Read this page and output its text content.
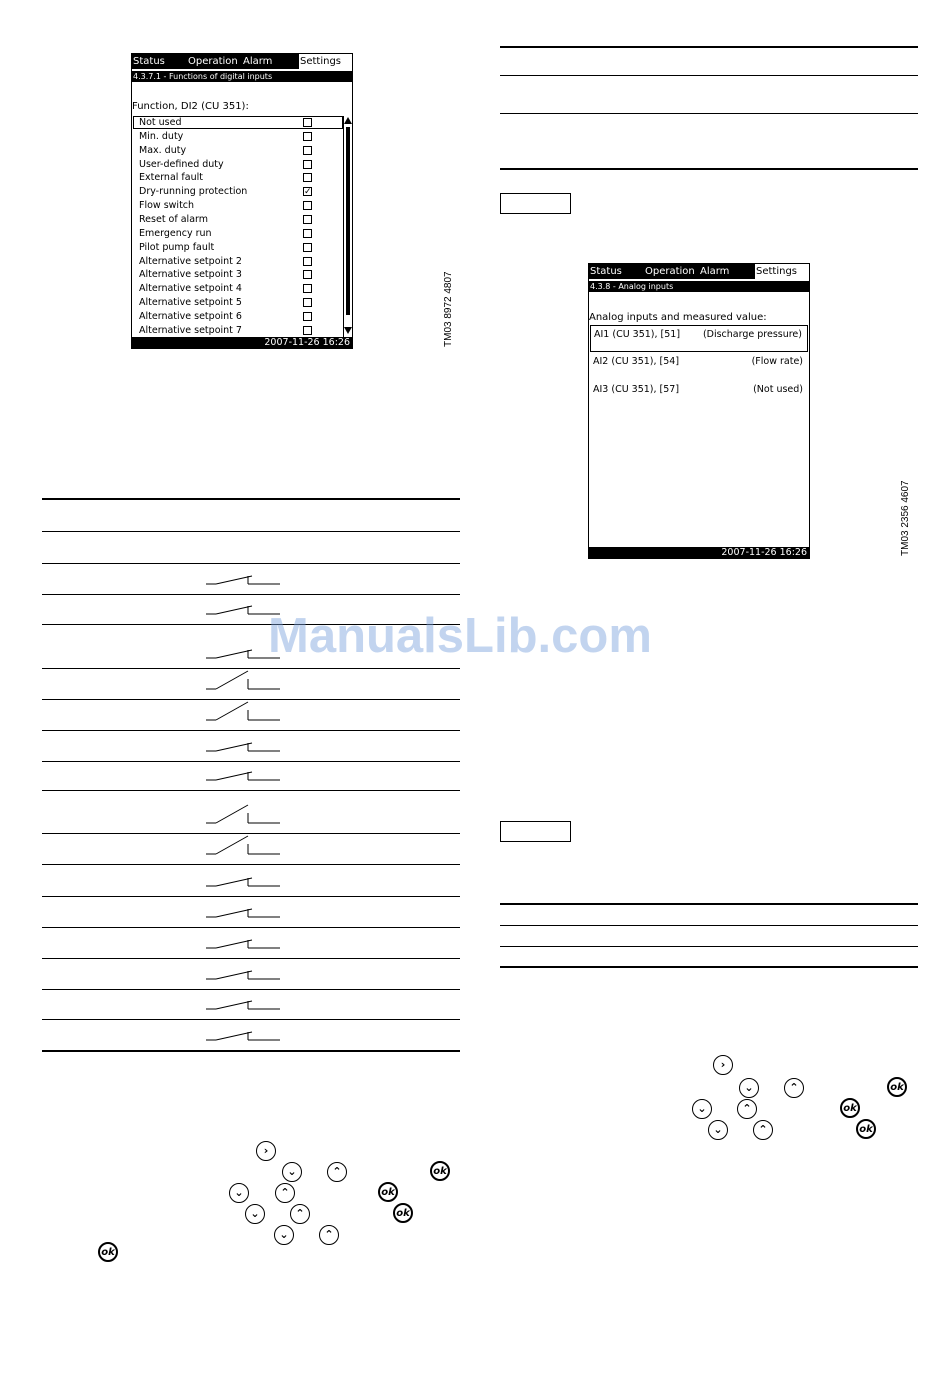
Status	Operation Alarm	Settings
4.3.7.1 - Functions of digital inputs
Function, DI2 (CU 351):
2007-11-26 16:26
Not used
Min. duty
Max. duty
User-defined duty
External fault
Dry-running protection	✓
Flow switch
Reset of alarm
Emergency run
Pilot pump fault
Alternative setpoint 2
Alternative setpoint 3
Alternative setpoint 4
Alternative setpoint 5
Alternative setpoint 6
Alternative setpoint 7	TM03 8972 4807	Status	Operation Alarm	Settings
4.3.8 - Analog inputs
Analog inputs and measured value:
AI1 (CU 351), [51] (Discharge pressure)
AI2 (CU 351), [54]	(Flow rate)
AI3 (CU 351), [57]	(Not used)
2007-11-26 16:26	TM03 2356 4607
›
⌄	⌃	ok
⌄	⌃	ok
⌄	⌃	ok
⌄	⌃
ok
›
⌄	⌃	ok
⌄	⌃	ok
⌄	⌃	ok
ManualsLib.com
